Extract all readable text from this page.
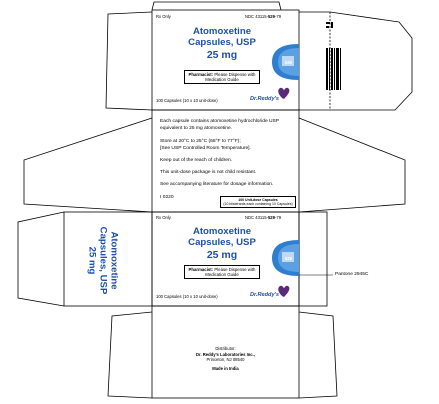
Rx Only	NDC 43115-529-79
Atomoxetine
Capsules, USP
25 mg
Pharmacist: Please Dispense with
Medication Guide
100 Capsules (10 x 10 unit-dose)	Dr.Reddy's
529
Each capsule contains atomoxetine hydrochloride USP
equivalent to 25 mg atomoxetine.
Store at 20°C to 25°C (68°F to 77°F);
[See USP Controlled Room Temperature].
Keep out of the reach of children.
This unit-dose package is not child resistant.
See accompanying literature for dosage information.
I 0220	100 Unit-dose Capsules
(10 blisterards each containing 10 Capsules)
Atomoxetine
Capsules, USP
25 mg
Rx Only	NDC 43115-529-79
Atomoxetine
Capsules, USP
25 mg
Pharmacist: Please Dispense with
Medication Guide
100 Capsules (10 x 10 unit-dose)	Dr.Reddy's
529
Pantone 2945C
Distributor:
Dr. Reddy's Laboratories Inc.,
Princeton, NJ 08540
Made in India
